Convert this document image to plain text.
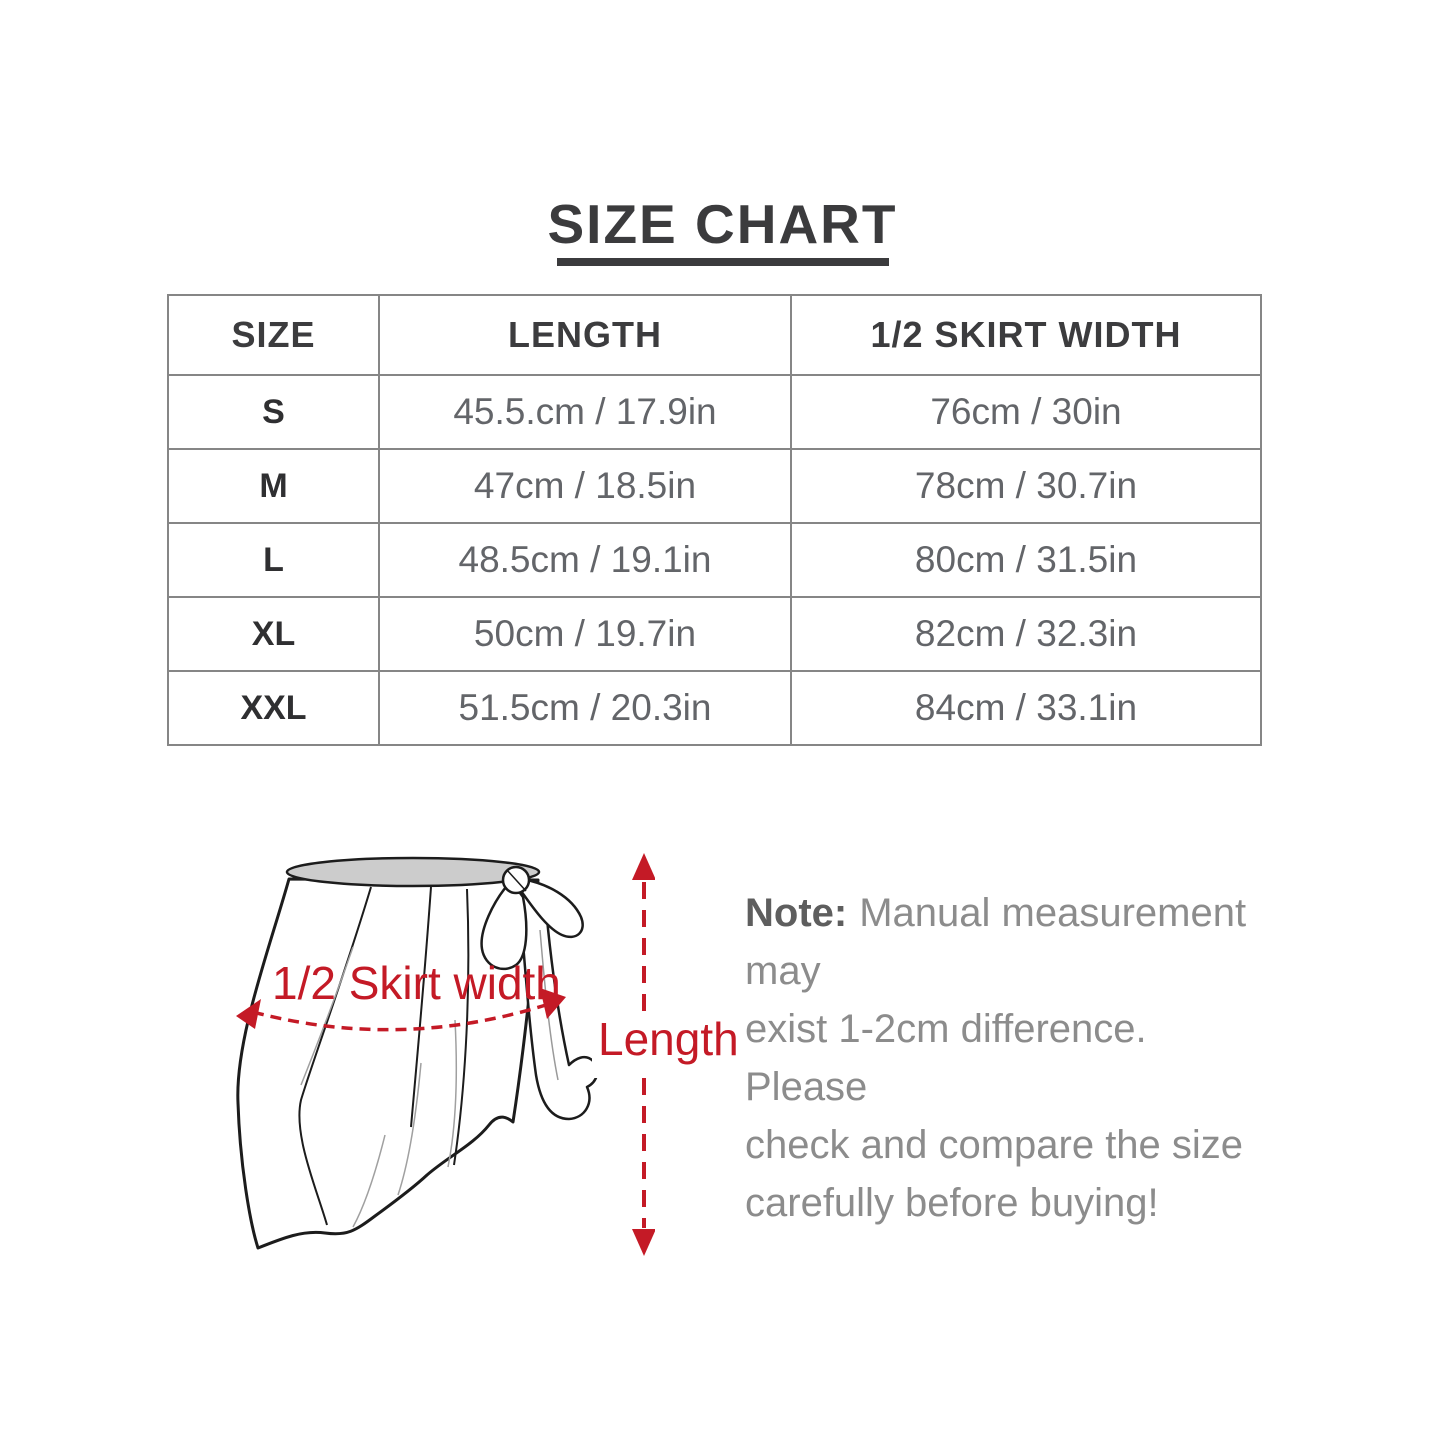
SIZE CHART
SIZE	LENGTH	1/2 SKIRT WIDTH
S	45.5.cm / 17.9in	76cm / 30in
M	47cm / 18.5in	78cm / 30.7in
L	48.5cm / 19.1in	80cm / 31.5in
XL	50cm / 19.7in	82cm / 32.3in
XXL	51.5cm / 20.3in	84cm / 33.1in
1/2 Skirt width
Length
Note: Manual measurement may
exist 1-2cm difference. Please
check and compare the size
carefully before buying!
